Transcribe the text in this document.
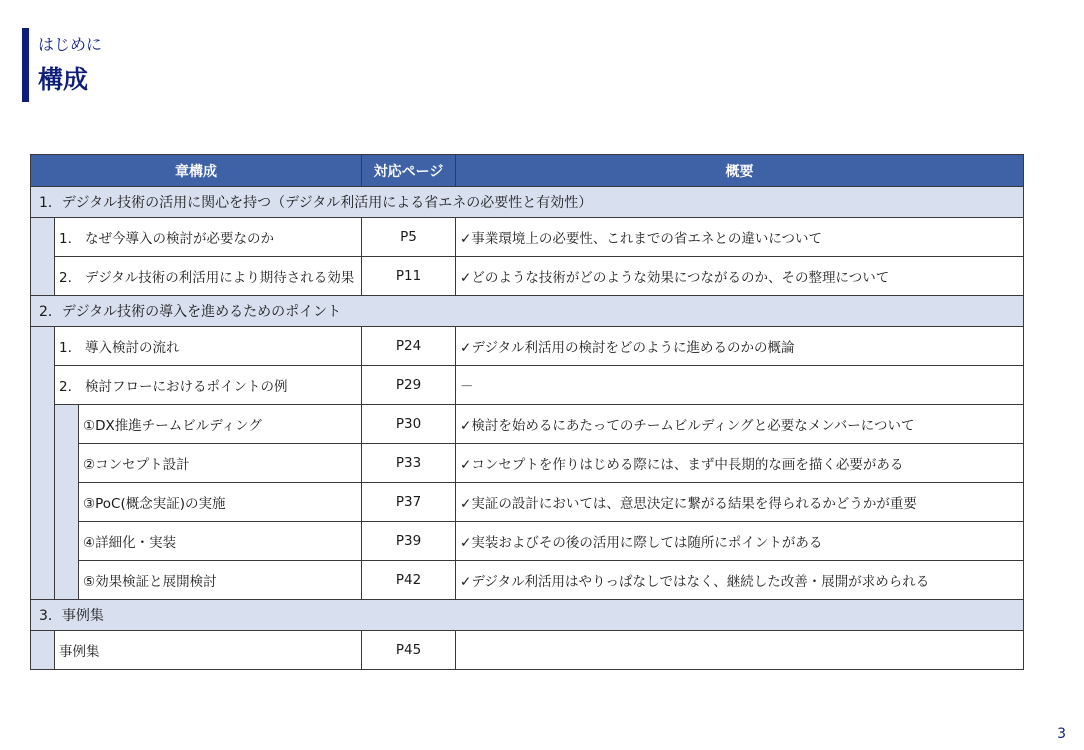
はじめに
構成
章構成			対応ページ	概要
1．デジタル技術の活用に関心を持つ（デジタル利活用による省エネの必要性と有効性）				
	1. なぜ今導入の検討が必要なのか		P5	✓事業環境上の必要性、これまでの省エネとの違いについて
	2. デジタル技術の利活用により期待される効果		P11	✓どのような技術がどのような効果につながるのか、その整理について
2．デジタル技術の導入を進めるためのポイント				
	1. 導入検討の流れ		P24	✓デジタル利活用の検討をどのように進めるのかの概論
	2. 検討フローにおけるポイントの例		P29	－
		①DX推進チームビルディング	P30	✓検討を始めるにあたってのチームビルディングと必要なメンバーについて
		②コンセプト設計	P33	✓コンセプトを作りはじめる際には、まず中長期的な画を描く必要がある
		③PoC(概念実証)の実施	P37	✓実証の設計においては、意思決定に繋がる結果を得られるかどうかが重要
		④詳細化・実装	P39	✓実装およびその後の活用に際しては随所にポイントがある
		⑤効果検証と展開検討	P42	✓デジタル利活用はやりっぱなしではなく、継続した改善・展開が求められる
3．事例集				
	事例集		P45	
3
